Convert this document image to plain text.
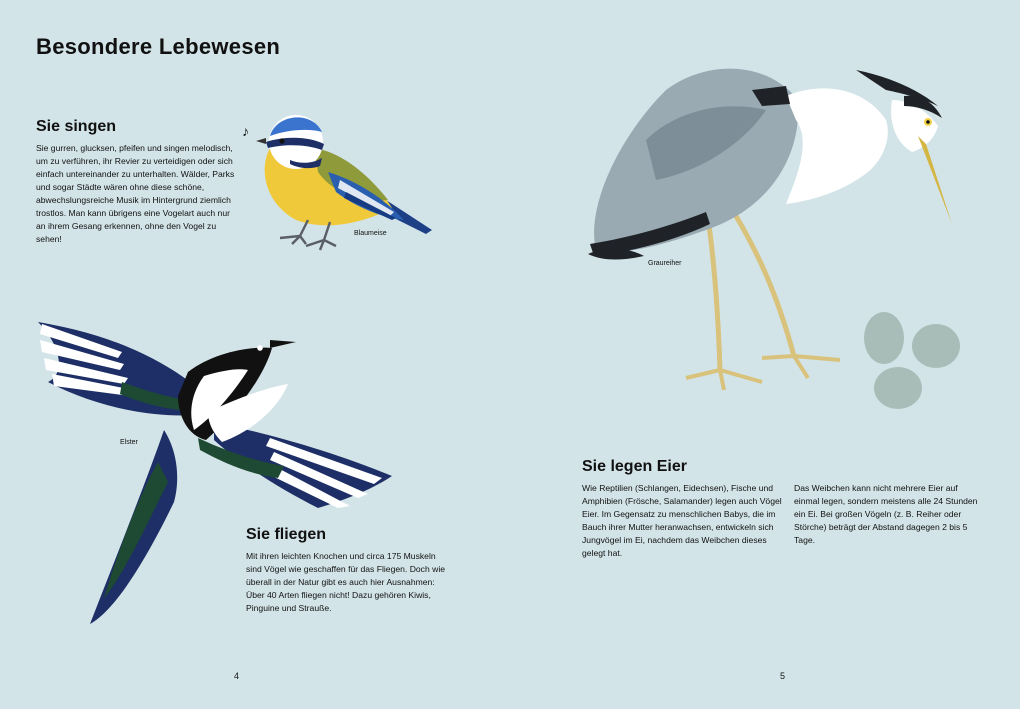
Besondere Lebewesen
Sie singen

Sie gurren, glucksen, pfeifen und singen melodisch, um zu verführen, ihr Revier zu verteidigen oder sich einfach untereinander zu unterhalten. Wälder, Parks und sogar Städte wären ohne diese schöne, abwechslungsreiche Musik im Hintergrund ziemlich trostlos. Man kann übrigens eine Vogelart auch nur an ihrem Gesang erkennen, ohne den Vogel zu sehen!

♪
Blaumeise
Elster
Sie fliegen

Mit ihren leichten Knochen und circa 175 Muskeln sind Vögel wie geschaffen für das Fliegen. Doch wie überall in der Natur gibt es auch hier Ausnahmen: Über 40 Arten fliegen nicht! Dazu gehören Kiwis, Pinguine und Strauße.

Graureiher
Sie legen Eier

Wie Reptilien (Schlangen, Eidechsen), Fische und Amphibien (Frösche, Salamander) legen auch Vögel Eier. Im Gegensatz zu menschlichen Babys, die im Bauch ihrer Mutter heranwachsen, entwickeln sich Jungvögel im Ei, nachdem das Weibchen dieses gelegt hat.

Das Weibchen kann nicht mehrere Eier auf einmal legen, sondern meistens alle 24 Stunden ein Ei. Bei großen Vögeln (z. B. Reiher oder Störche) beträgt der Abstand dagegen 2 bis 5 Tage.

4	5
